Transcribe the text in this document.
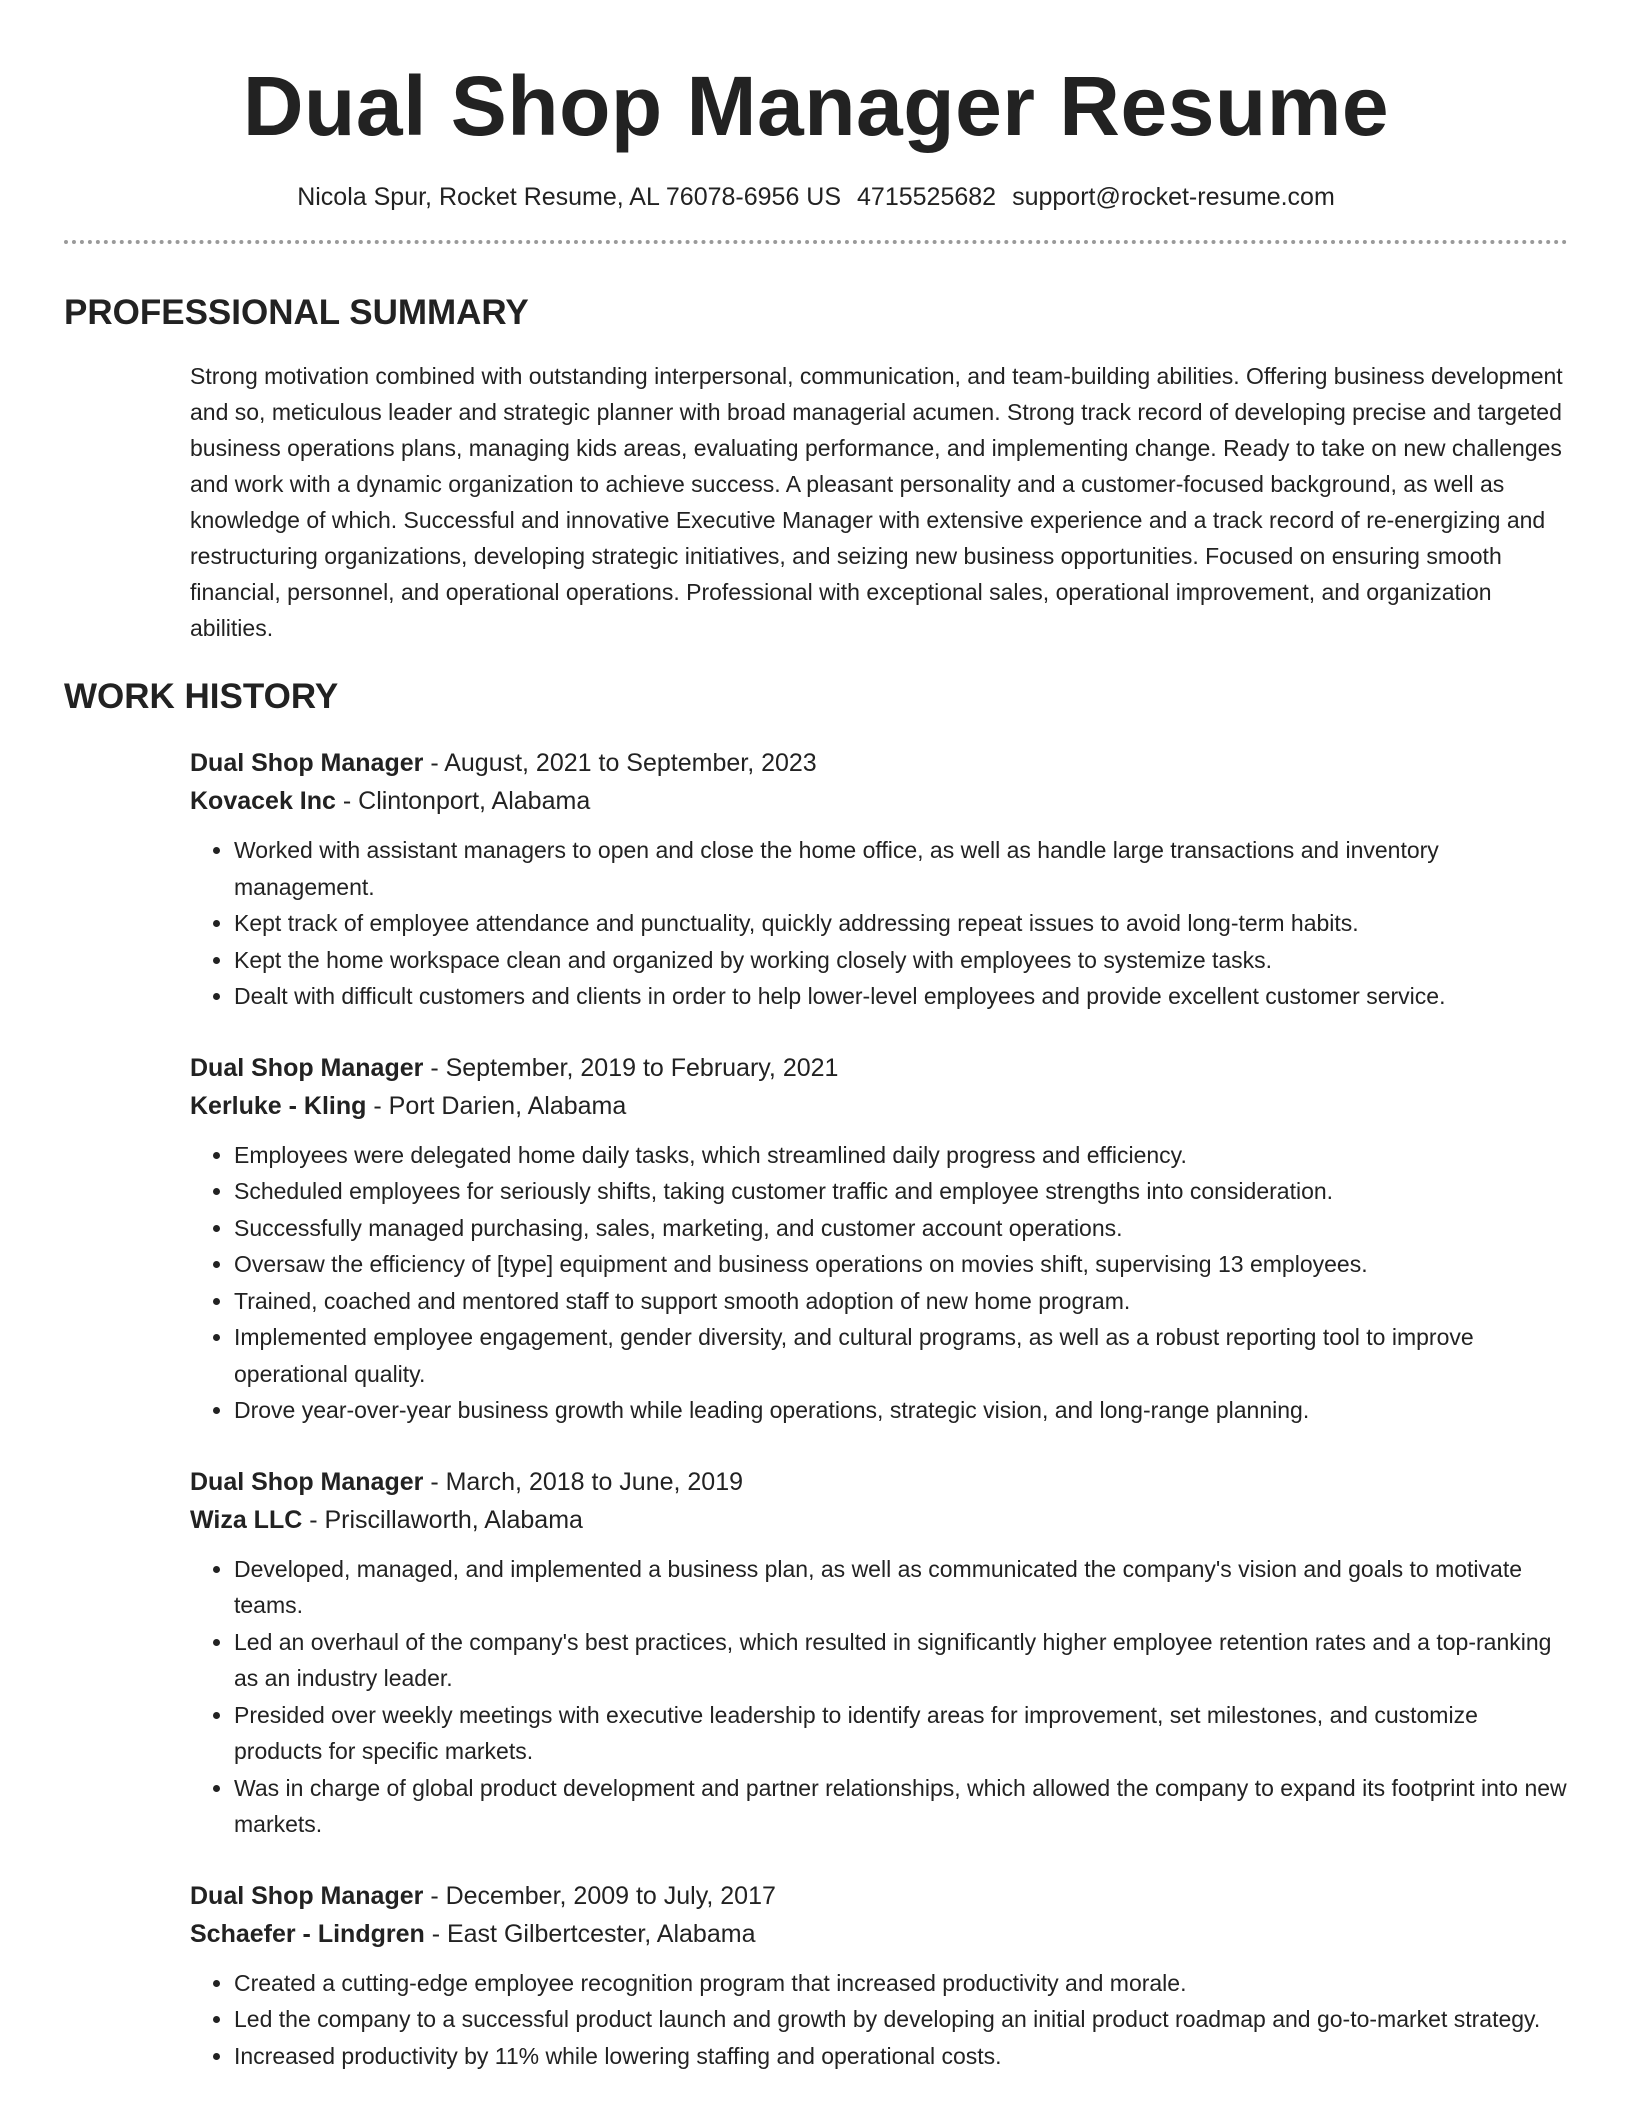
Dual Shop Manager Resume
Nicola Spur, Rocket Resume, AL 76078-6956 US 4715525682 support@rocket-resume.com
PROFESSIONAL SUMMARY

Strong motivation combined with outstanding interpersonal, communication, and team-building abilities. Offering business development and so, meticulous leader and strategic planner with broad managerial acumen. Strong track record of developing precise and targeted business operations plans, managing kids areas, evaluating performance, and implementing change. Ready to take on new challenges and work with a dynamic organization to achieve success. A pleasant personality and a customer-focused background, as well as knowledge of which. Successful and innovative Executive Manager with extensive experience and a track record of re-energizing and restructuring organizations, developing strategic initiatives, and seizing new business opportunities. Focused on ensuring smooth financial, personnel, and operational operations. Professional with exceptional sales, operational improvement, and organization abilities.

WORK HISTORY
Dual Shop Manager - August, 2021 to September, 2023
Kovacek Inc - Clintonport, Alabama
• Worked with assistant managers to open and close the home office, as well as handle large transactions and inventory management.
• Kept track of employee attendance and punctuality, quickly addressing repeat issues to avoid long-term habits.
• Kept the home workspace clean and organized by working closely with employees to systemize tasks.
• Dealt with difficult customers and clients in order to help lower-level employees and provide excellent customer service.
Dual Shop Manager - September, 2019 to February, 2021
Kerluke - Kling - Port Darien, Alabama
• Employees were delegated home daily tasks, which streamlined daily progress and efficiency.
• Scheduled employees for seriously shifts, taking customer traffic and employee strengths into consideration.
• Successfully managed purchasing, sales, marketing, and customer account operations.
• Oversaw the efficiency of [type] equipment and business operations on movies shift, supervising 13 employees.
• Trained, coached and mentored staff to support smooth adoption of new home program.
• Implemented employee engagement, gender diversity, and cultural programs, as well as a robust reporting tool to improve operational quality.
• Drove year-over-year business growth while leading operations, strategic vision, and long-range planning.
Dual Shop Manager - March, 2018 to June, 2019
Wiza LLC - Priscillaworth, Alabama
• Developed, managed, and implemented a business plan, as well as communicated the company's vision and goals to motivate teams.
• Led an overhaul of the company's best practices, which resulted in significantly higher employee retention rates and a top-ranking as an industry leader.
• Presided over weekly meetings with executive leadership to identify areas for improvement, set milestones, and customize products for specific markets.
• Was in charge of global product development and partner relationships, which allowed the company to expand its footprint into new markets.
Dual Shop Manager - December, 2009 to July, 2017
Schaefer - Lindgren - East Gilbertcester, Alabama
• Created a cutting-edge employee recognition program that increased productivity and morale.
• Led the company to a successful product launch and growth by developing an initial product roadmap and go-to-market strategy.
• Increased productivity by 11% while lowering staffing and operational costs.
